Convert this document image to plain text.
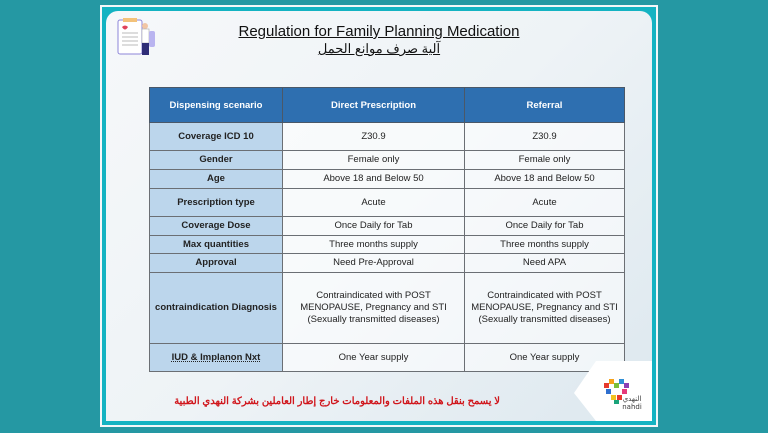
Regulation for Family Planning Medication
آلية صرف موانع الحمل
Dispensing scenario	Direct Prescription	Referral
Coverage ICD 10	Z30.9	Z30.9
Gender	Female only	Female only
Age	Above 18 and Below 50	Above 18 and Below 50
Prescription type	Acute	Acute
Coverage Dose	Once Daily for Tab	Once Daily for Tab
Max quantities	Three months supply	Three months supply
Approval	Need Pre-Approval	Need APA
contraindication Diagnosis	Contraindicated with POST MENOPAUSE, Pregnancy and STI (Sexually transmitted diseases)	Contraindicated with POST MENOPAUSE, Pregnancy and STI (Sexually transmitted diseases)
IUD & Implanon Nxt	One Year supply	One Year supply
لا يسمح بنقل هذه الملفات والمعلومات خارج إطار العاملين بشركة النهدي الطبية	النهدي
nahdi
